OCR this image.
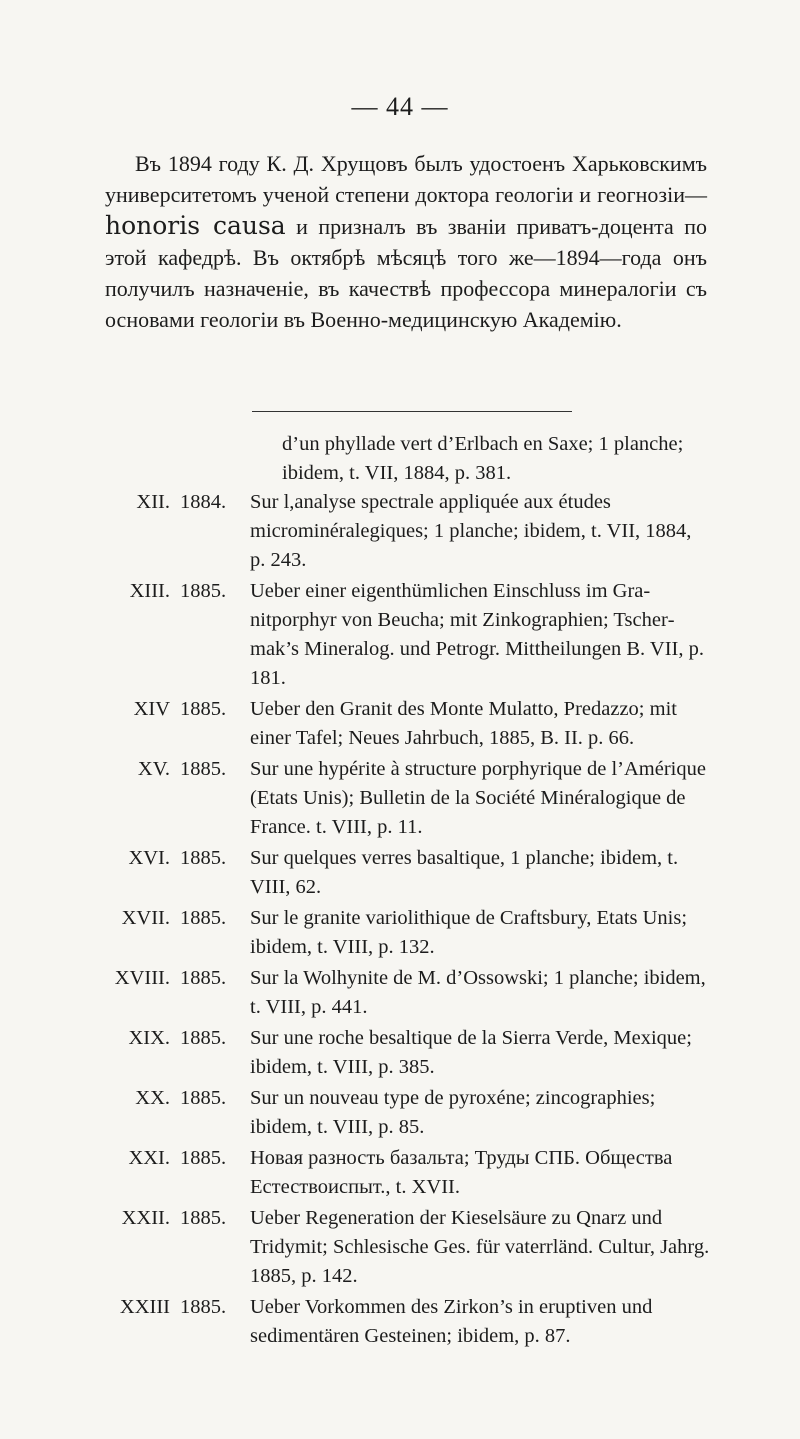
— 44 —

Въ 1894 году К. Д. Хрущовъ былъ удостоенъ Харьковскимъ университетомъ ученой степени доктора геологіи и геогнозіи—honoris causa и призналъ въ званіи приватъ-доцента по этой кафедрѣ. Въ октябрѣ мѣсяцѣ того же—1894—года онъ получилъ назначеніе, въ качествѣ профессора минералогіи съ основами геологіи въ Военно-медицинскую Академію.

d’un phyllade vert d’Erlbach en Saxe; 1 planche; ibidem, t. VII, 1884, p. 381.
XII. 1884.	Sur l,analyse spectrale appliquée aux études microminéralegiques; 1 planche; ibidem, t. VII, 1884, p. 243.
XIII. 1885.	Ueber einer eigenthümlichen Einschluss im Granitporphyr von Beucha; mit Zinkographien; Tschermak’s Mineralog. und Petrogr. Mittheilungen B. VII, p. 181.
XIV 1885.	Ueber den Granit des Monte Mulatto, Predazzo; mit einer Tafel; Neues Jahrbuch, 1885, B. II. p. 66.
XV. 1885.	Sur une hypérite à structure porphyrique de l’Amérique (Etats Unis); Bulletin de la Société Minéralogique de France. t. VIII, p. 11.
XVI. 1885.	Sur quelques verres basaltique, 1 planche; ibidem, t. VIII, 62.
XVII. 1885.	Sur le granite variolithique de Craftsbury, Etats Unis; ibidem, t. VIII, p. 132.
XVIII. 1885.	Sur la Wolhynite de M. d’Ossowski; 1 planche; ibidem, t. VIII, p. 441.
XIX. 1885.	Sur une roche besaltique de la Sierra Verde, Mexique; ibidem, t. VIII, p. 385.
XX. 1885.	Sur un nouveau type de pyroxéne; zincographies; ibidem, t. VIII, p. 85.
XXI. 1885.	Новая разность базальта; Труды СПБ. Общества Естествоиспыт., t. XVII.
XXII. 1885.	Ueber Regeneration der Kieselsäure zu Qnarz und Tridymit; Schlesische Ges. für vaterrländ. Cultur, Jahrg. 1885, p. 142.
XXIII 1885.	Ueber Vorkommen des Zirkon’s in eruptiven und sedimentären Gesteinen; ibidem, p. 87.
